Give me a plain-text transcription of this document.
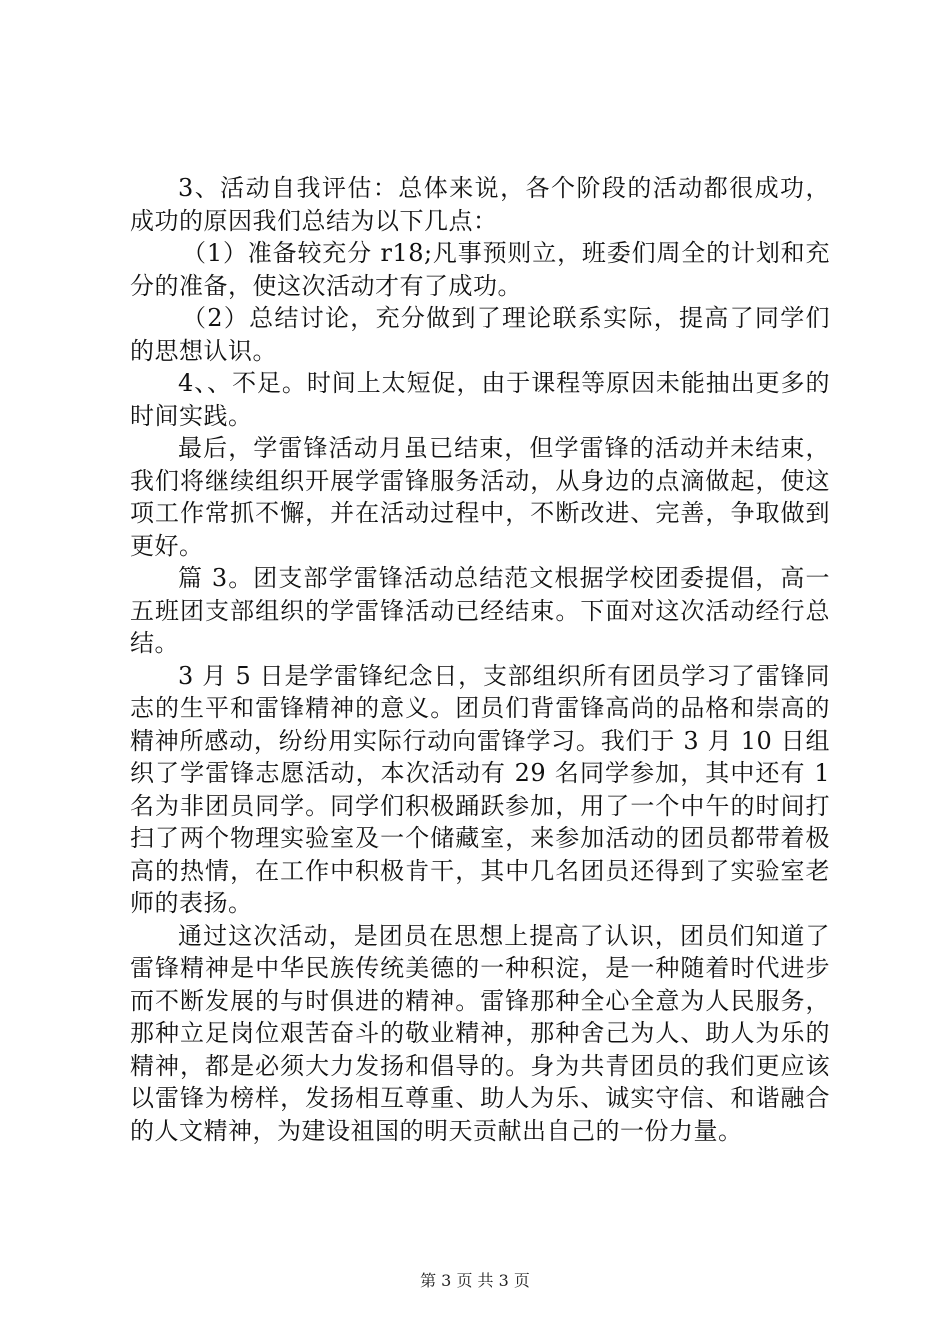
3、活动自我评估：总体来说，各个阶段的活动都很成功，成功的原因我们总结为以下几点：

（1）准备较充分 r18;凡事预则立，班委们周全的计划和充分的准备，使这次活动才有了成功。

（2）总结讨论，充分做到了理论联系实际，提高了同学们的思想认识。

4、、不足。时间上太短促，由于课程等原因未能抽出更多的时间实践。

最后，学雷锋活动月虽已结束，但学雷锋的活动并未结束，我们将继续组织开展学雷锋服务活动，从身边的点滴做起，使这项工作常抓不懈，并在活动过程中，不断改进、完善，争取做到更好。

篇 3。团支部学雷锋活动总结范文根据学校团委提倡，高一五班团支部组织的学雷锋活动已经结束。下面对这次活动经行总结。

3 月 5 日是学雷锋纪念日，支部组织所有团员学习了雷锋同志的生平和雷锋精神的意义。团员们背雷锋高尚的品格和崇高的精神所感动，纷纷用实际行动向雷锋学习。我们于 3 月 10 日组织了学雷锋志愿活动，本次活动有 29 名同学参加，其中还有 1 名为非团员同学。同学们积极踊跃参加，用了一个中午的时间打扫了两个物理实验室及一个储藏室，来参加活动的团员都带着极高的热情，在工作中积极肯干，其中几名团员还得到了实验室老师的表扬。

通过这次活动，是团员在思想上提高了认识，团员们知道了雷锋精神是中华民族传统美德的一种积淀，是一种随着时代进步而不断发展的与时俱进的精神。雷锋那种全心全意为人民服务，那种立足岗位艰苦奋斗的敬业精神，那种舍己为人、助人为乐的精神，都是必须大力发扬和倡导的。身为共青团员的我们更应该以雷锋为榜样，发扬相互尊重、助人为乐、诚实守信、和谐融合的人文精神，为建设祖国的明天贡献出自己的一份力量。

第 3 页 共 3 页
